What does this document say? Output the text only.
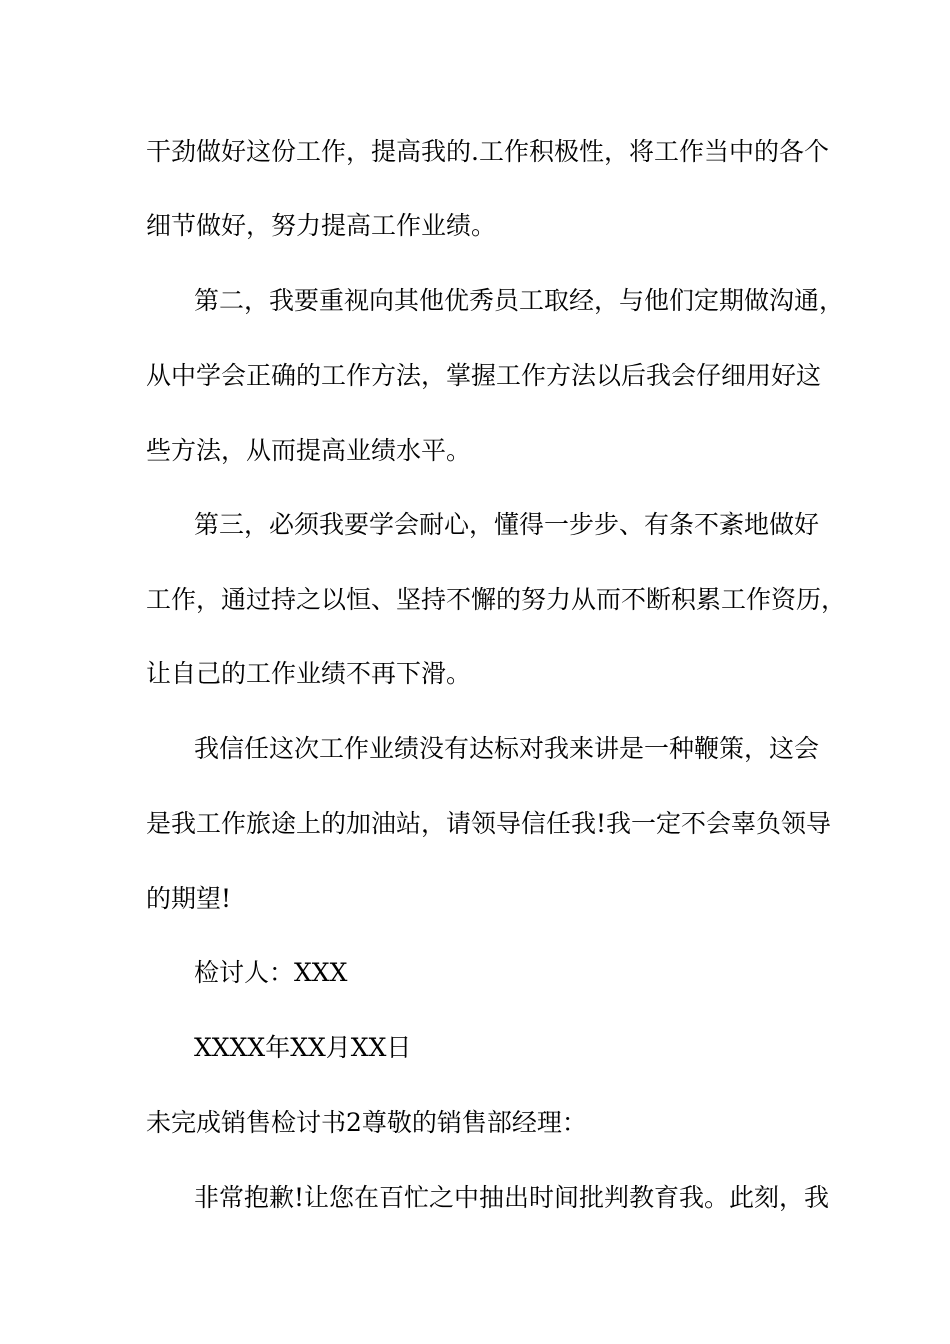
干劲做好这份工作，提高我的.工作积极性，将工作当中的各个
细节做好，努力提高工作业绩。
第二，我要重视向其他优秀员工取经，与他们定期做沟通，
从中学会正确的工作方法，掌握工作方法以后我会仔细用好这
些方法，从而提高业绩水平。
第三，必须我要学会耐心，懂得一步步、有条不紊地做好
工作，通过持之以恒、坚持不懈的努力从而不断积累工作资历，
让自己的工作业绩不再下滑。
我信任这次工作业绩没有达标对我来讲是一种鞭策，这会
是我工作旅途上的加油站，请领导信任我!我一定不会辜负领导
的期望!
检讨人：XXX
XXXX年XX月XX日
未完成销售检讨书2尊敬的销售部经理：
非常抱歉!让您在百忙之中抽出时间批判教育我。此刻，我
